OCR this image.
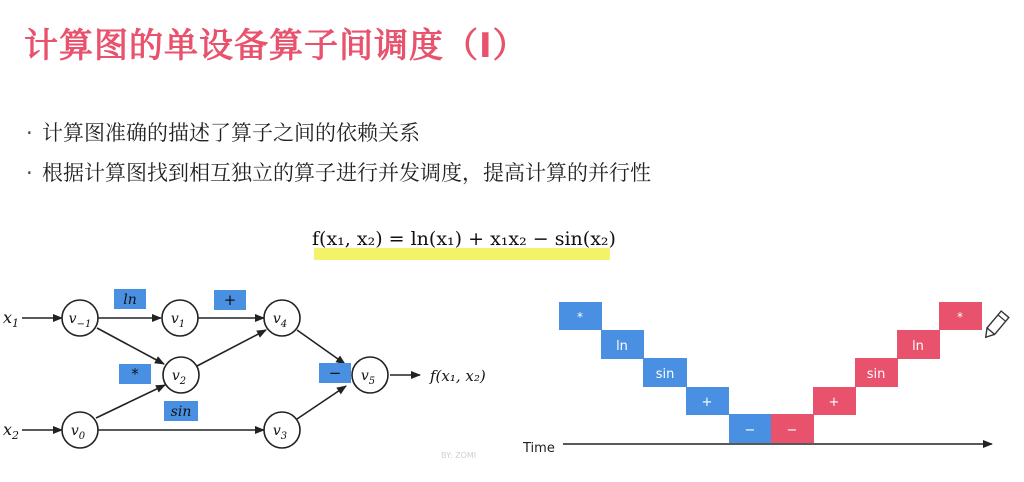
计算图的单设备算子间调度（I）
· 计算图准确的描述了算子之间的依赖关系
· 根据计算图找到相互独立的算子进行并发调度，提高计算的并行性
f(x₁, x₂) = ln(x₁) + x₁x₂ − sin(x₂)
ln	+
*	−
sin
$v_{-1}$	$v_1$	$v_4$
$v_2$	$v_5$
$v_0$	$v_3$
$x_1$
$x_2$
f(x₁, x₂)
Time
*
ln
sin
+
− −
+
sin
ln
*
BY: ZOMI
